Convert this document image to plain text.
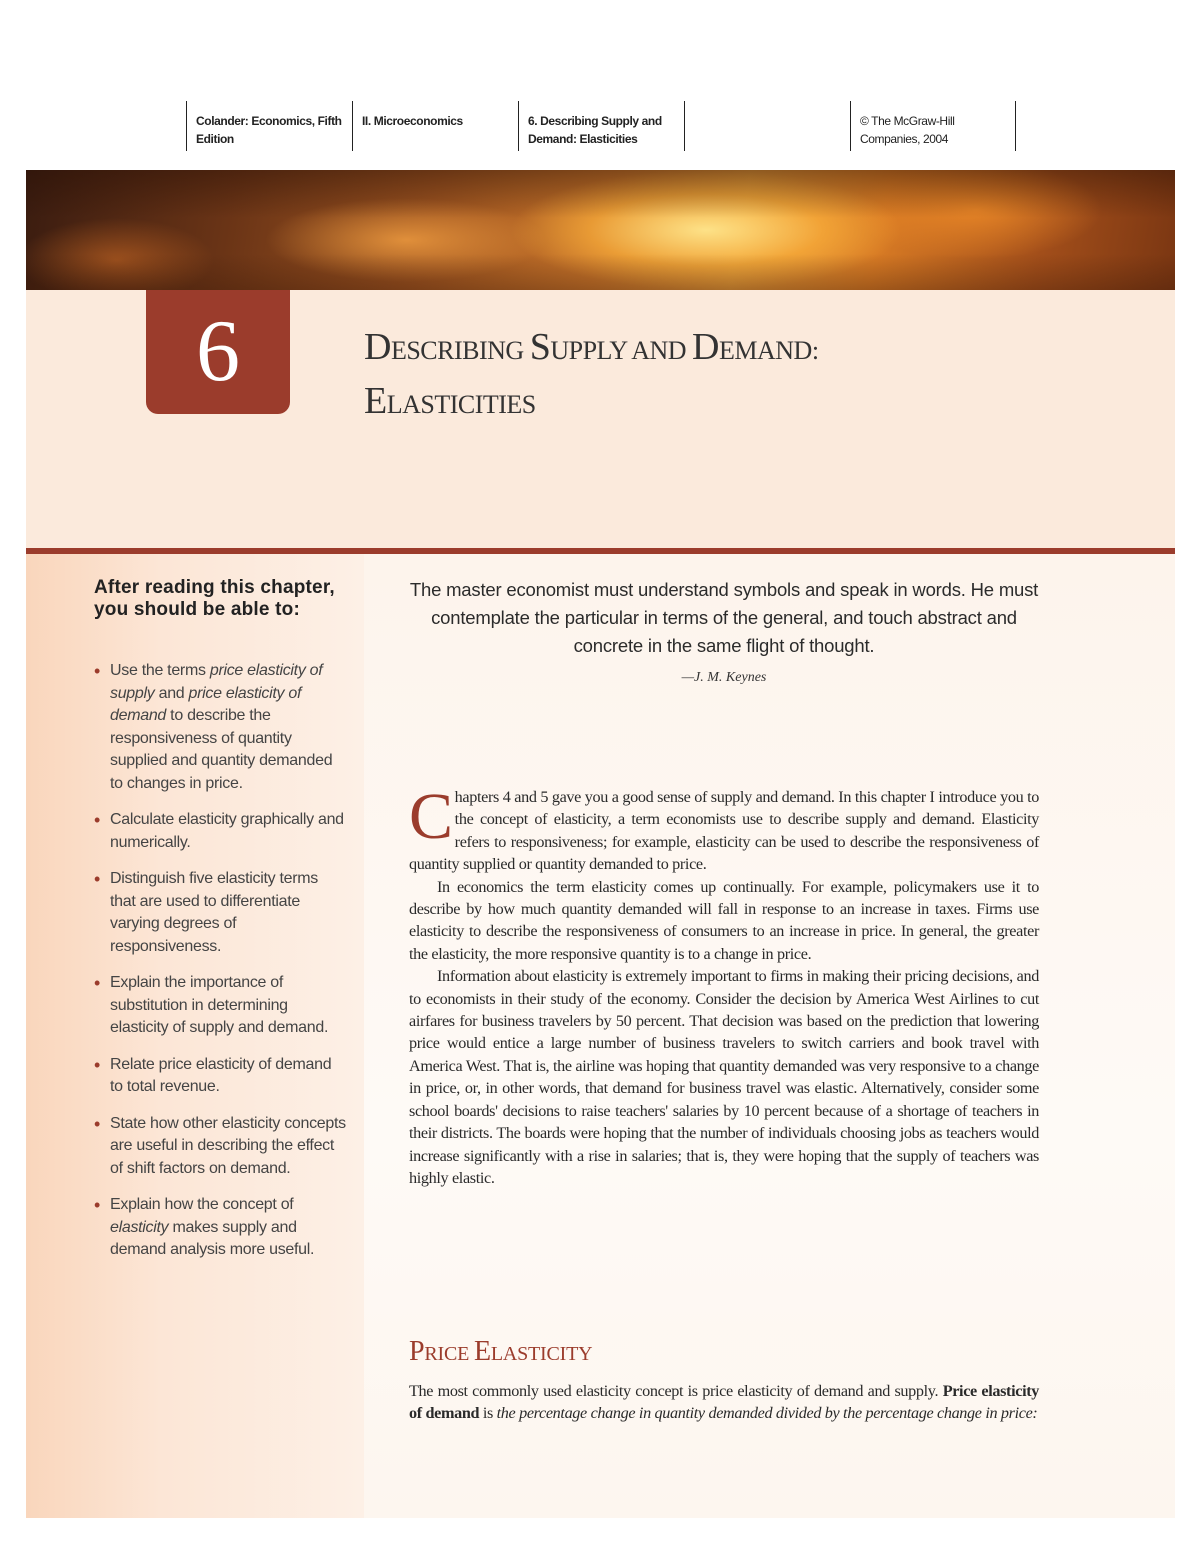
Colander: Economics, Fifth
Edition
II. Microeconomics	6. Describing Supply and
Demand: Elasticities
© The McGraw-Hill
Companies, 2004
6	DESCRIBING SUPPLY AND DEMAND:
ELASTICITIES
After reading this chapter, you should be able to:
• Use the terms price elasticity of supply and price elasticity of demand to describe the responsiveness of quantity supplied and quantity demanded to changes in price.
• Calculate elasticity graphically and numerically.
• Distinguish five elasticity terms that are used to differentiate varying degrees of responsiveness.
• Explain the importance of substitution in determining elasticity of supply and demand.
• Relate price elasticity of demand to total revenue.
• State how other elasticity concepts are useful in describing the effect of shift factors on demand.
• Explain how the concept of elasticity makes supply and demand analysis more useful.
The master economist must understand symbols and speak in words. He must contemplate the particular in terms of the general, and touch abstract and concrete in the same flight of thought.
—J. M. Keynes

Chapters 4 and 5 gave you a good sense of supply and demand. In this chapter I introduce you to the concept of elasticity, a term economists use to describe supply and demand. Elasticity refers to responsiveness; for example, elasticity can be used to describe the responsiveness of quantity supplied or quantity demanded to price.

In economics the term elasticity comes up continually. For example, policymakers use it to describe by how much quantity demanded will fall in response to an increase in taxes. Firms use elasticity to describe the responsiveness of consumers to an increase in price. In general, the greater the elasticity, the more responsive quantity is to a change in price.

Information about elasticity is extremely important to firms in making their pricing decisions, and to economists in their study of the economy. Consider the decision by America West Airlines to cut airfares for business travelers by 50 percent. That decision was based on the prediction that lowering price would entice a large number of business travelers to switch carriers and book travel with America West. That is, the airline was hoping that quantity demanded was very responsive to a change in price, or, in other words, that demand for business travel was elastic. Alternatively, consider some school boards' decisions to raise teachers' salaries by 10 percent because of a shortage of teachers in their districts. The boards were hoping that the number of individuals choosing jobs as teachers would increase significantly with a rise in salaries; that is, they were hoping that the supply of teachers was highly elastic.

PRICE ELASTICITY
The most commonly used elasticity concept is price elasticity of demand and supply. Price elasticity of demand is the percentage change in quantity demanded divided by the percentage change in price:
